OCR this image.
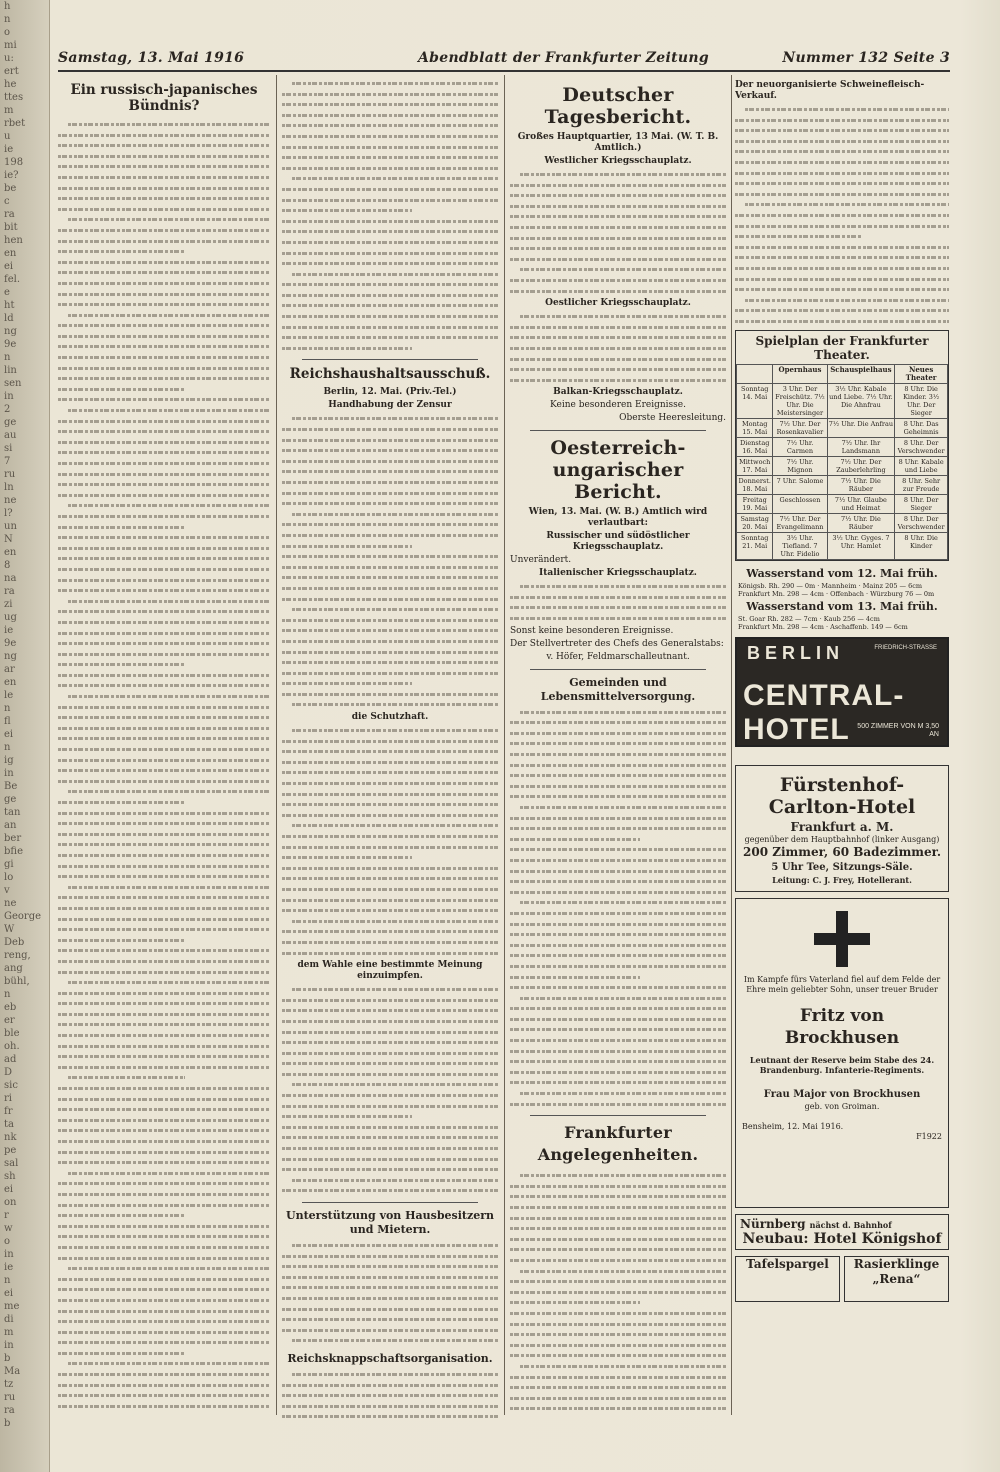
h
n
o
mi
u:
ert
he
ttes
m
rbet
u
ie
198
ie?
be
c
ra
bit
hen
en
ei
fel.
e
ht
ld
ng
9e
n
lin
sen
in
2
ge
au
si
7
ru
ln
ne
l?
un
N
en
8
na
ra
zi
ug
ie
9e
ng
ar
en
le
n
fl
ei
n
ig
in
Be
ge
tan
an
ber
bfie
gi
lo
v
ne
George
W
Deb
reng,
ang
bühl,
n
eb
er
ble
oh.
ad
D
sic
ri
fr
ta
nk
pe
sal
sh
ei
on
r
w
o
in
ie
n
ei
me
di
m
in
b
Ma
tz
ru
ra
b
Samstag, 13. Mai 1916	Abendblatt der Frankfurter Zeitung	Nummer 132 Seite 3
Ein russisch-japanisches Bündnis?
Reichshaushaltsausschuß.
Berlin, 12. Mai. (Priv.-Tel.)
Handhabung der Zensur
die Schutzhaft.
dem Wahle eine bestimmte Meinung einzuimpfen.
Unterstützung von Hausbesitzern und Mietern.
Reichsknappschaftsorganisation.
Deutscher Tagesbericht.
Großes Hauptquartier, 13 Mai. (W. T. B. Amtlich.)
Westlicher Kriegsschauplatz.
Oestlicher Kriegsschauplatz.
Balkan-Kriegsschauplatz.
Keine besonderen Ereignisse.
Oberste Heeresleitung.
Oesterreich-ungarischer Bericht.
Wien, 13. Mai. (W. B.) Amtlich wird verlautbart:
Russischer und südöstlicher Kriegsschauplatz.
Unverändert.
Italienischer Kriegsschauplatz.
Sonst keine besonderen Ereignisse.
Der Stellvertreter des Chefs des Generalstabs:
v. Höfer, Feldmarschalleutnant.
Gemeinden und Lebensmittelversorgung.
Frankfurter Angelegenheiten.
Der neuorganisierte Schweinefleisch-Verkauf.
Spielplan der Frankfurter Theater.
	Opernhaus	Schauspielhaus	Neues Theater
Sonntag 14. Mai	3 Uhr. Der Freischütz. 7½ Uhr. Die Meistersinger	3½ Uhr. Kabale und Liebe. 7½ Uhr. Die Ahnfrau	8 Uhr. Die Kinder. 3½ Uhr. Der Sieger
Montag 15. Mai	7½ Uhr. Der Rosenkavalier	7½ Uhr. Die Anfrau	8 Uhr. Das Geheimnis
Dienstag 16. Mai	7½ Uhr. Carmen	7½ Uhr. Ihr Landsmann	8 Uhr. Der Verschwender
Mittwoch 17. Mai	7½ Uhr. Mignon	7½ Uhr. Der Zauberlehrling	8 Uhr. Kabale und Liebe
Donnerst. 18. Mai	7 Uhr. Salome	7½ Uhr. Die Räuber	8 Uhr. Sehr zur Freude
Freitag 19. Mai	Geschlossen	7½ Uhr. Glaube und Heimat	8 Uhr. Der Sieger
Samstag 20. Mai	7½ Uhr. Der Evangelimann	7½ Uhr. Die Räuber	8 Uhr. Der Verschwender
Sonntag 21. Mai	3½ Uhr. Tiefland. 7 Uhr. Fidelio	3½ Uhr. Gyges. 7 Uhr. Hamlet	8 Uhr. Die Kinder
Wasserstand vom 12. Mai früh.
Königsb. Rh. 290 — 0m · Mannheim · Mainz 205 — 6cm
Frankfurt Mn. 298 — 4cm · Offenbach · Würzburg 76 — 0m
Wasserstand vom 13. Mai früh.
St. Goar Rh. 282 — 7cm · Kaub 256 — 4cm
Frankfurt Mn. 298 — 4cm · Aschaffenb. 149 — 6cm
BERLIN	FRIEDRICH-STRASSE
CENTRAL-HOTEL	500 ZIMMER VON M 3,50 AN
Fürstenhof-Carlton-Hotel
Frankfurt a. M.
gegenüber dem Hauptbahnhof (linker Ausgang)
200 Zimmer, 60 Badezimmer.
5 Uhr Tee, Sitzungs-Säle.
Leitung: C. J. Frey, Hotellerant.
Im Kampfe fürs Vaterland fiel auf dem Felde der Ehre mein geliebter Sohn, unser treuer Bruder
Fritz von Brockhusen
Leutnant der Reserve beim Stabe des 24. Brandenburg. Infanterie-Regiments.
Frau Major von Brockhusen
geb. von Groiman.
Bensheim, 12. Mai 1916.
F1922
Nürnberg nächst d. Bahnhof
Neubau: Hotel Königshof
Tafelspargel	Rasierklinge „Rena“
